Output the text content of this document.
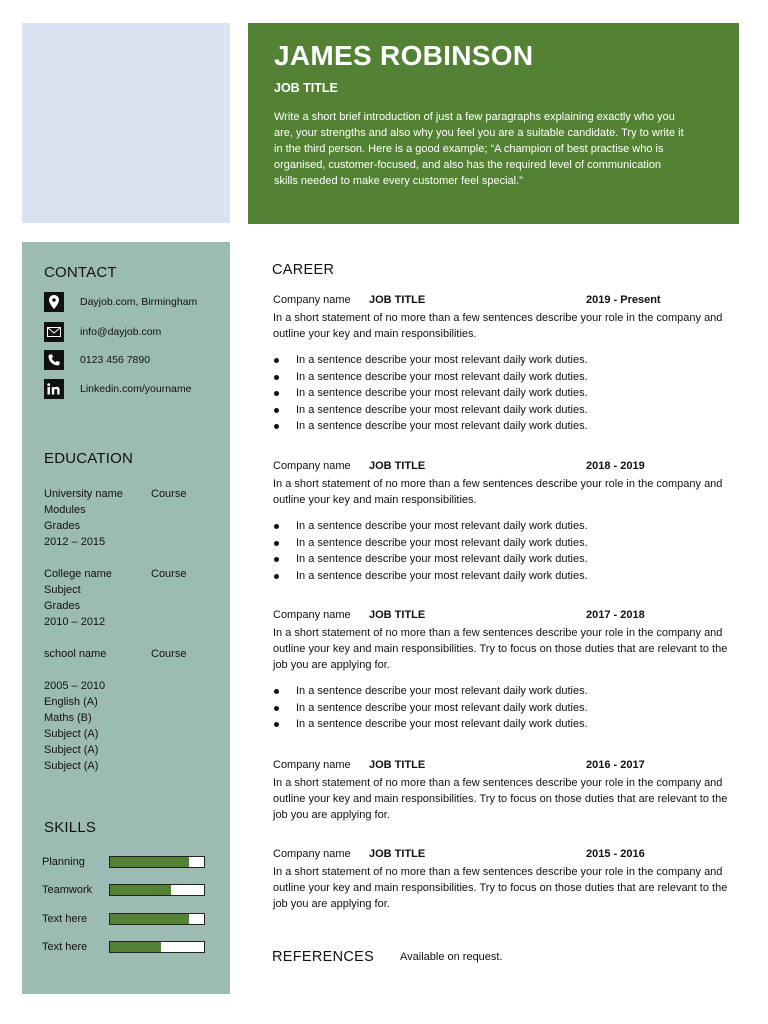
JAMES ROBINSON
JOB TITLE
Write a short brief introduction of just a few paragraphs explaining exactly who you are, your strengths and also why you feel you are a suitable candidate. Try to write it in the third person. Here is a good example; “A champion of best practise who is organised, customer-focused, and also has the required level of communication skills needed to make every customer feel special.”
CONTACT
Dayjob.com, Birmingham
info@dayjob.com
0123 456 7890
Linkedin.com/yourname
EDUCATION
University name	Course
Modules
Grades
2012 – 2015
College name	Course
Subject
Grades
2010 – 2012
school name	Course
2005 – 2010
English (A)
Maths (B)
Subject (A)
Subject (A)
Subject (A)
SKILLS
Planning
Teamwork
Text here
Text here
CAREER
Company name JOB TITLE	2019 - Present
In a short statement of no more than a few sentences describe your role in the company and outline your key and main responsibilities.
In a sentence describe your most relevant daily work duties.
In a sentence describe your most relevant daily work duties.
In a sentence describe your most relevant daily work duties.
In a sentence describe your most relevant daily work duties.
In a sentence describe your most relevant daily work duties.
Company name JOB TITLE	2018 - 2019
In a short statement of no more than a few sentences describe your role in the company and outline your key and main responsibilities.
In a sentence describe your most relevant daily work duties.
In a sentence describe your most relevant daily work duties.
In a sentence describe your most relevant daily work duties.
In a sentence describe your most relevant daily work duties.
Company name JOB TITLE	2017 - 2018
In a short statement of no more than a few sentences describe your role in the company and outline your key and main responsibilities. Try to focus on those duties that are relevant to the job you are applying for.
In a sentence describe your most relevant daily work duties.
In a sentence describe your most relevant daily work duties.
In a sentence describe your most relevant daily work duties.
Company name JOB TITLE	2016 - 2017
In a short statement of no more than a few sentences describe your role in the company and outline your key and main responsibilities. Try to focus on those duties that are relevant to the job you are applying for.
Company name JOB TITLE	2015 - 2016
In a short statement of no more than a few sentences describe your role in the company and outline your key and main responsibilities. Try to focus on those duties that are relevant to the job you are applying for.
REFERENCES Available on request.
